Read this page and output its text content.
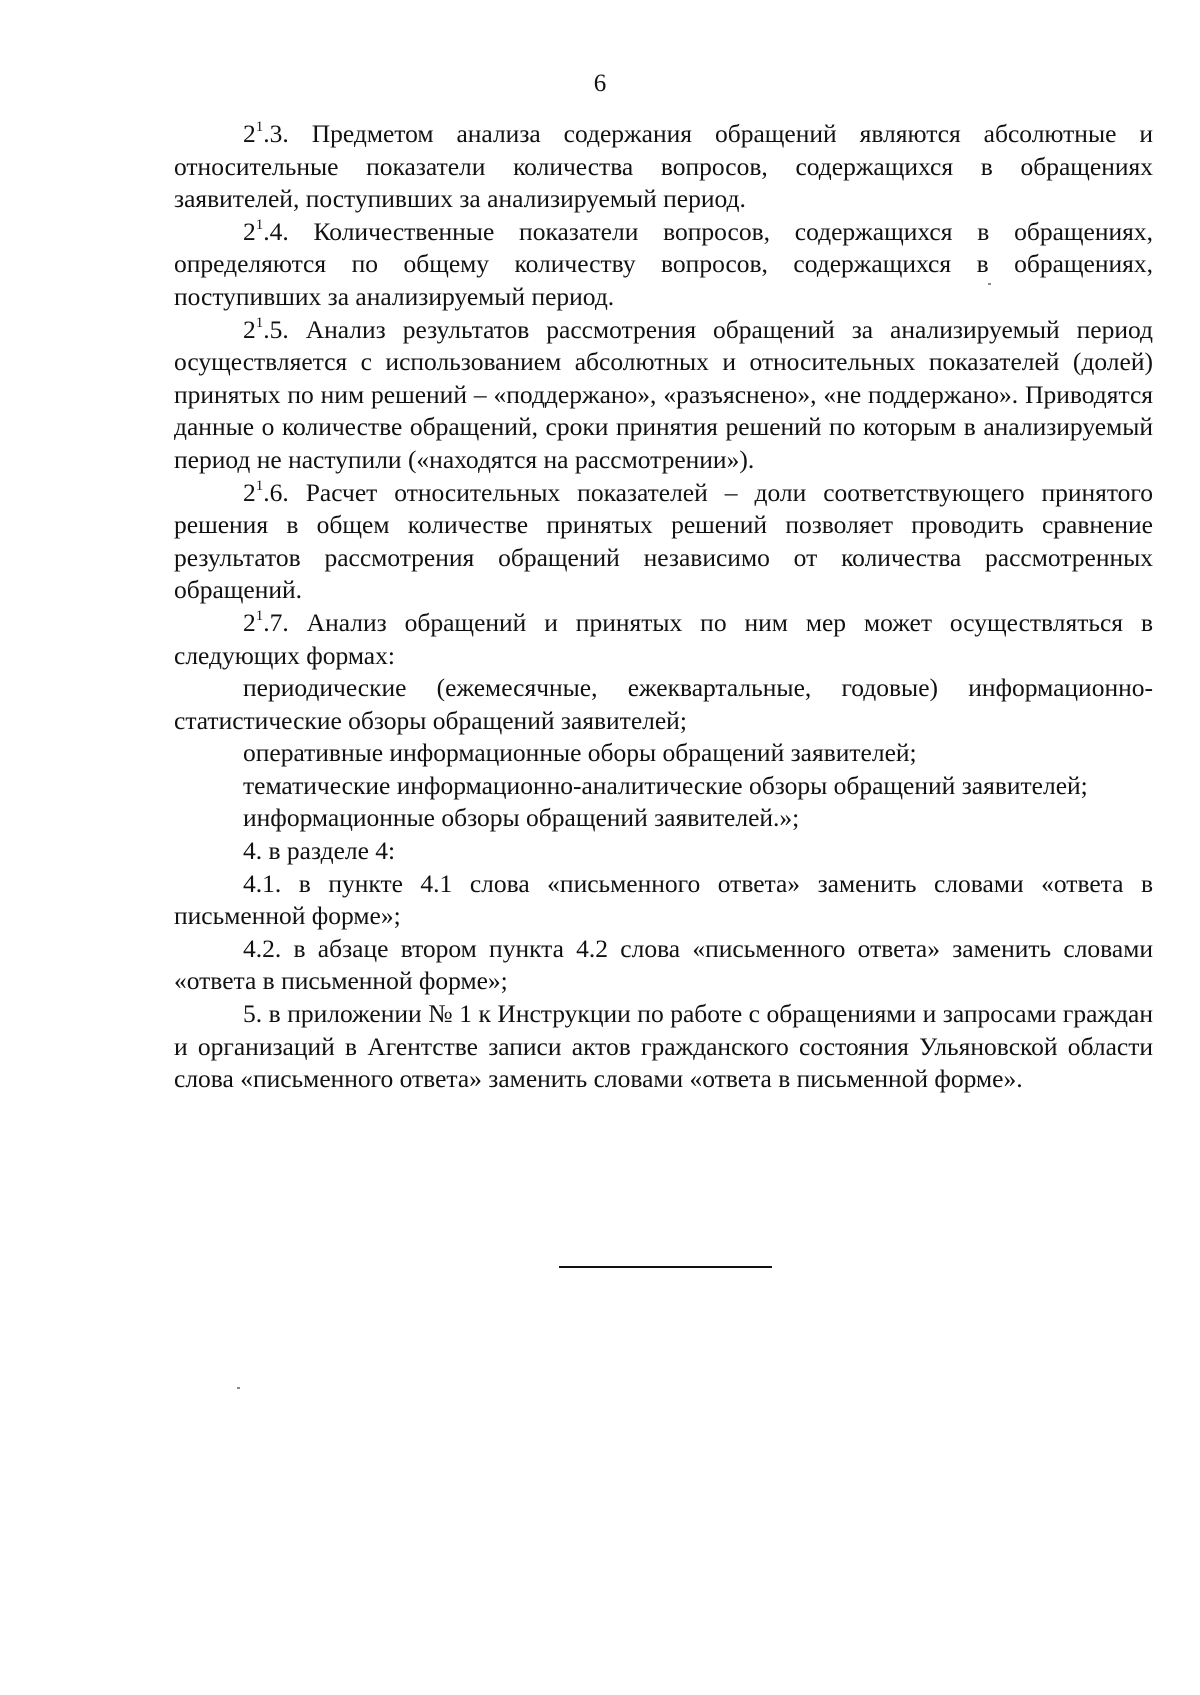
6

$2^1.3$. Предметом анализа содержания обращений являются абсолютные и относительные показатели количества вопросов, содержащихся в обращениях заявителей, поступивших за анализируемый период.

$2^1.4$. Количественные показатели вопросов, содержащихся в обращениях, определяются по общему количеству вопросов, содержащихся в обращениях, поступивших за анализируемый период.

$2^1.5$. Анализ результатов рассмотрения обращений за анализируемый период осуществляется с использованием абсолютных и относительных показателей (долей) принятых по ним решений – «поддержано», «разъяснено», «не поддержано». Приводятся данные о количестве обращений, сроки принятия решений по которым в анализируемый период не наступили («находятся на рассмотрении»).

$2^1.6$. Расчет относительных показателей – доли соответствующего принятого решения в общем количестве принятых решений позволяет проводить сравнение результатов рассмотрения обращений независимо от количества рассмотренных обращений.

$2^1.7$. Анализ обращений и принятых по ним мер может осуществляться в следующих формах:

периодические (ежемесячные, ежеквартальные, годовые) информационно-статистические обзоры обращений заявителей;

оперативные информационные оборы обращений заявителей;

тематические информационно-аналитические обзоры обращений заявителей;

информационные обзоры обращений заявителей.»;

4. в разделе 4:

4.1. в пункте 4.1 слова «письменного ответа» заменить словами «ответа в письменной форме»;

4.2. в абзаце втором пункта 4.2 слова «письменного ответа» заменить словами «ответа в письменной форме»;

5. в приложении № 1 к Инструкции по работе с обращениями и запросами граждан и организаций в Агентстве записи актов гражданского состояния Ульяновской области слова «письменного ответа» заменить словами «ответа в письменной форме».
